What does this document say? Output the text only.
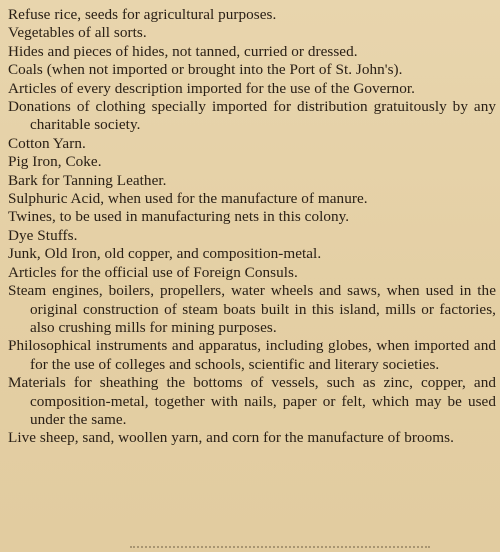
Refuse rice, seeds for agricultural purposes.
Vegetables of all sorts.
Hides and pieces of hides, not tanned, curried or dressed.
Coals (when not imported or brought into the Port of St. John's).
Articles of every description imported for the use of the Governor.
Donations of clothing specially imported for distribution gratuitously by any charitable society.
Cotton Yarn.
Pig Iron, Coke.
Bark for Tanning Leather.
Sulphuric Acid, when used for the manufacture of manure.
Twines, to be used in manufacturing nets in this colony.
Dye Stuffs.
Junk, Old Iron, old copper, and composition-metal.
Articles for the official use of Foreign Consuls.
Steam engines, boilers, propellers, water wheels and saws, when used in the original construction of steam boats built in this island, mills or factories, also crushing mills for mining purposes.
Philosophical instruments and apparatus, including globes, when imported and for the use of colleges and schools, scientific and literary societies.
Materials for sheathing the bottoms of vessels, such as zinc, copper, and composition-metal, together with nails, paper or felt, which may be used under the same.
Live sheep, sand, woollen yarn, and corn for the manufacture of brooms.
